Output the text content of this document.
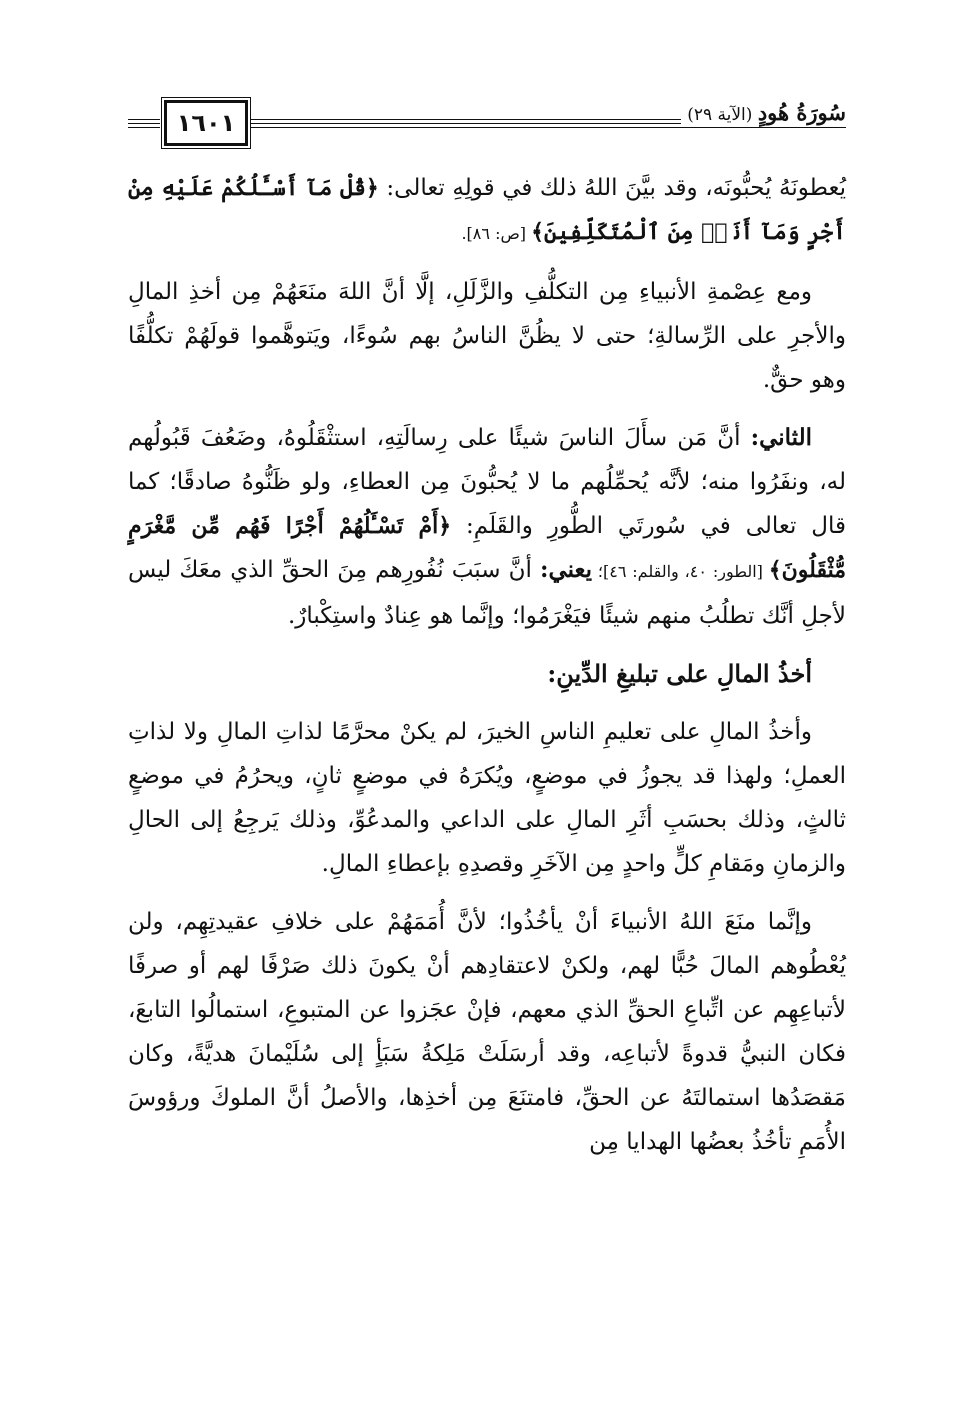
١٦٠١	سُورَةُ هُودٍ (الآية ٢٩)

يُعطونَهُ يُحبُّونَه، وقد بيَّنَ اللهُ ذلك في قولِهِ تعالى: ﴿قُلْ مَآ أَسْـَٔلُكُمْ عَلَيْهِ مِنْ أَجْرٍ وَمَآ أَنَا۠ مِنَ ٱلْمُتَكَلِّفِينَ﴾ [ص: ٨٦].

ومع عِصْمةِ الأنبياءِ مِن التكلُّفِ والزَّلَلِ، إلَّا أنَّ اللهَ منَعَهُمْ مِن أخذِ المالِ والأجرِ على الرِّسالةِ؛ حتى لا يظُنَّ الناسُ بهم سُوءًا، ويَتوهَّموا قولَهُمْ تكلُّفًا وهو حقٌّ.

الثاني: أنَّ مَن سأَلَ الناسَ شيئًا على رِسالَتِهِ، استثْقَلُوهُ، وضَعُفَ قَبُولُهم له، ونفَرُوا منه؛ لأنَّه يُحمِّلُهم ما لا يُحبُّونَ مِن العطاءِ، ولو ظَنُّوهُ صادقًا؛ كما قال تعالى في سُورتَي الطُّورِ والقَلَمِ: ﴿أَمْ تَسْـَٔلُهُمْ أَجْرًا فَهُم مِّن مَّغْرَمٍ مُّثْقَلُونَ﴾ [الطور: ٤٠، والقلم: ٤٦]؛ يعني: أنَّ سبَبَ نُفُورِهم مِنَ الحقِّ الذي معَكَ ليس لأجلِ أنَّك تطلُبُ منهم شيئًا فيَغْرَمُوا؛ وإنَّما هو عِنادٌ واستِكْبارٌ.

أخذُ المالِ على تبليغِ الدِّينِ:

وأخذُ المالِ على تعليمِ الناسِ الخيرَ، لم يكنْ محرَّمًا لذاتِ المالِ ولا لذاتِ العملِ؛ ولهذا قد يجوزُ في موضعٍ، ويُكرَهُ في موضعٍ ثانٍ، ويحرُمُ في موضعٍ ثالثٍ، وذلك بحسَبِ أثَرِ المالِ على الداعي والمدعُوِّ، وذلك يَرجِعُ إلى الحالِ والزمانِ ومَقامِ كلٍّ واحدٍ مِن الآخَرِ وقصدِهِ بإعطاءِ المالِ.

وإنَّما منَعَ اللهُ الأنبياءَ أنْ يأخُذُوا؛ لأنَّ أُمَمَهُمْ على خلافِ عقيدتِهِم، ولن يُعْطُوهم المالَ حُبًّا لهم، ولكنْ لاعتقادِهم أنْ يكونَ ذلك صَرْفًا لهم أو صرفًا لأتباعِهِم عن اتِّباعِ الحقِّ الذي معهم، فإنْ عجَزوا عن المتبوعِ، استمالُوا التابعَ، فكان النبيُّ قدوةً لأتباعِه، وقد أرسَلَتْ مَلِكةُ سَبَأٍ إلى سُلَيْمانَ هديَّةً، وكان مَقصَدُها استمالتَهُ عن الحقِّ، فامتنَعَ مِن أخذِها، والأصلُ أنَّ الملوكَ ورؤوسَ الأُمَمِ تأخُذُ بعضُها الهدايا مِن
